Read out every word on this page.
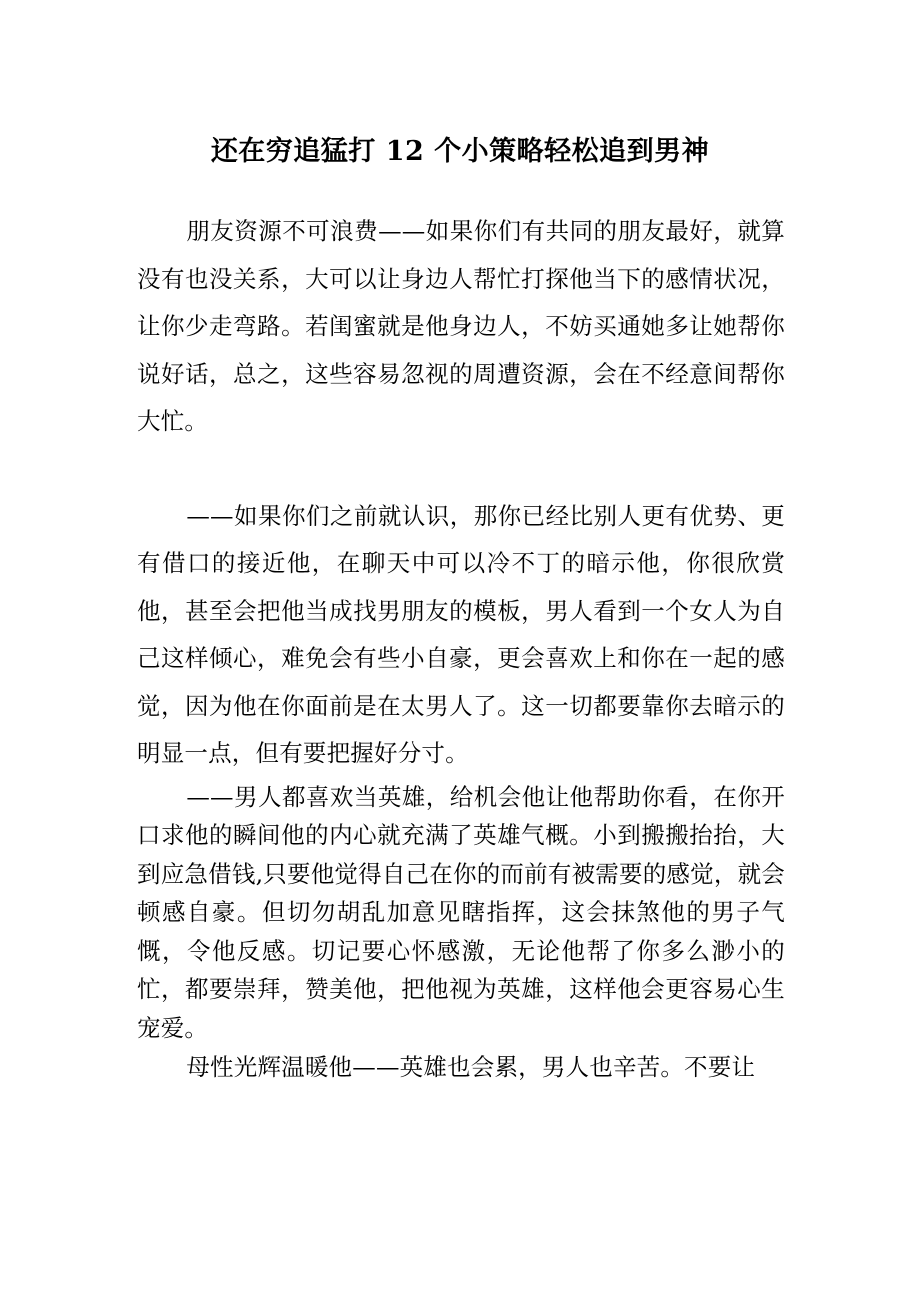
还在穷追猛打 12 个小策略轻松追到男神

朋友资源不可浪费——如果你们有共同的朋友最好，就算没有也没关系，大可以让身边人帮忙打探他当下的感情状况，让你少走弯路。若闺蜜就是他身边人，不妨买通她多让她帮你说好话，总之，这些容易忽视的周遭资源，会在不经意间帮你大忙。

——如果你们之前就认识，那你已经比别人更有优势、更有借口的接近他，在聊天中可以冷不丁的暗示他，你很欣赏他，甚至会把他当成找男朋友的模板，男人看到一个女人为自己这样倾心，难免会有些小自豪，更会喜欢上和你在一起的感觉，因为他在你面前是在太男人了。这一切都要靠你去暗示的明显一点，但有要把握好分寸。

——男人都喜欢当英雄，给机会他让他帮助你看，在你开口求他的瞬间他的内心就充满了英雄气概。小到搬搬抬抬，大到应急借钱,只要他觉得自己在你的而前有被需要的感觉，就会顿感自豪。但切勿胡乱加意见瞎指挥，这会抹煞他的男子气慨，令他反感。切记要心怀感激，无论他帮了你多么渺小的忙，都要崇拜，赞美他，把他视为英雄，这样他会更容易心生宠爱。

母性光辉温暖他——英雄也会累，男人也辛苦。不要让
